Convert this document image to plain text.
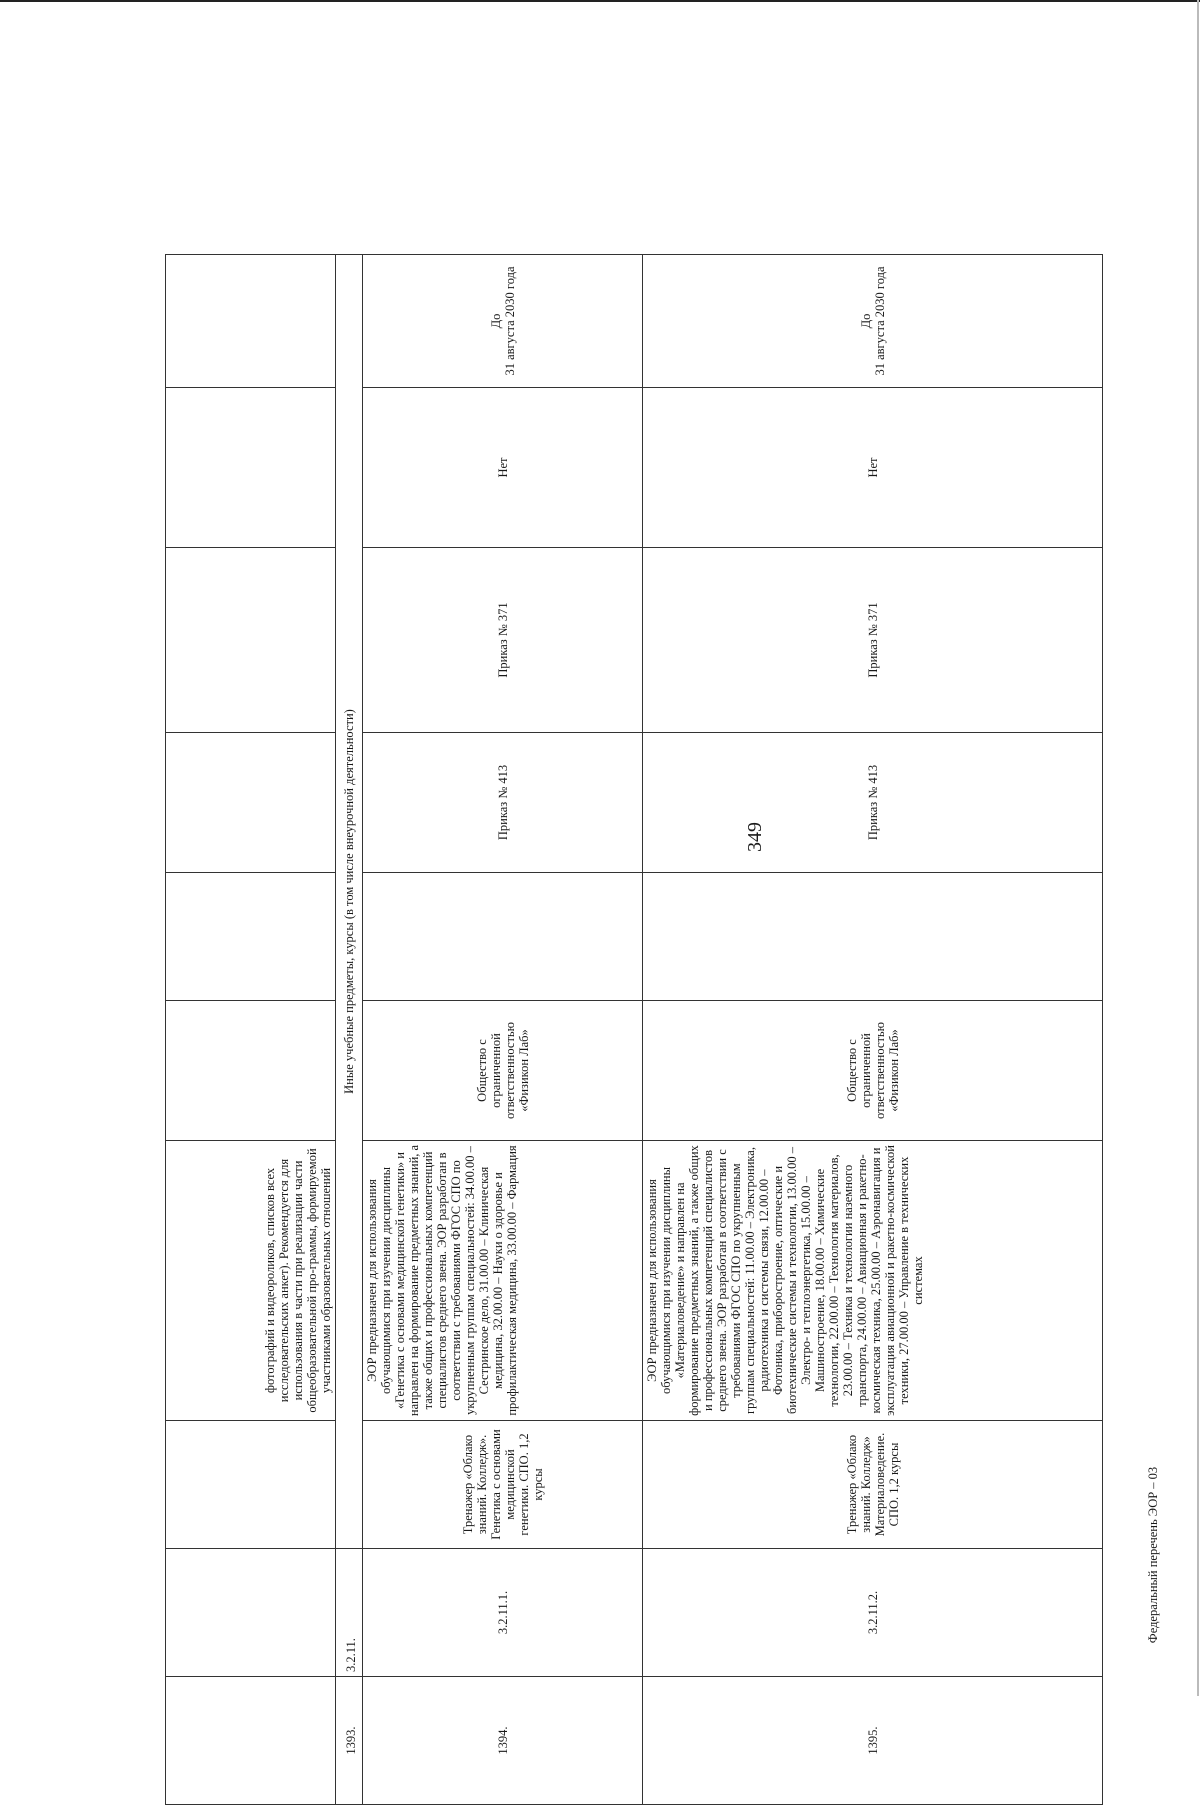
349
			фотографий и видеороликов, списков всех исследовательских анкет). Рекомендуется для использования в части при реализации части общеобразовательной про-граммы, формируемой участниками образовательных отношений						
1393.	3.2.11.	Иные учебные предметы, курсы (в том числе внеурочной деятельности)							
1394.	3.2.11.1.	Тренажер «Облако знаний. Колледж». Генетика с основами медицинской генетики. СПО. 1,2 курсы	ЭОР предназначен для использования обучающимися при изучении дисциплины «Генетика с основами медицинской генетики» и направлен на формирование предметных знаний, а также общих и профессиональных компетенций специалистов среднего звена. ЭОР разработан в соответствии с требованиями ФГОС СПО по укрупненным группам специальностей: 34.00.00 – Сестринское дело, 31.00.00 – Клиническая медицина, 32.00.00 – Науки о здоровье и профилактическая медицина, 33.00.00 – Фармация	Общество с ограниченной ответственностью «Физикон Лаб»		Приказ № 413	Приказ № 371	Нет	До
31 августа 2030 года
1395.	3.2.11.2.	Тренажер «Облако знаний. Колледж» Материаловедение. СПО. 1,2 курсы	ЭОР предназначен для использования обучающимися при изучении дисциплины «Материаловедение» и направлен на формирование предметных знаний, а также общих и профессиональных компетенций специалистов среднего звена. ЭОР разработан в соответствии с требованиями ФГОС СПО по укрупненным группам специальностей: 11.00.00 – Электроника, радиотехника и системы связи, 12.00.00 – Фотоника, приборостроение, оптические и биотехнические системы и технологии, 13.00.00 – Электро- и теплоэнергетика, 15.00.00 – Машиностроение, 18.00.00 – Химические технологии, 22.00.00 – Технология материалов, 23.00.00 – Техника и технологии наземного транспорта, 24.00.00 – Авиационная и ракетно-космическая техника, 25.00.00 – Аэронавигация и эксплуатация авиационной и ракетно-космической техники, 27.00.00 – Управление в технических системах	Общество с ограниченной ответственностью «Физикон Лаб»		Приказ № 413	Приказ № 371	Нет	До
31 августа 2030 года
Федеральный перечень ЭОР – 03
